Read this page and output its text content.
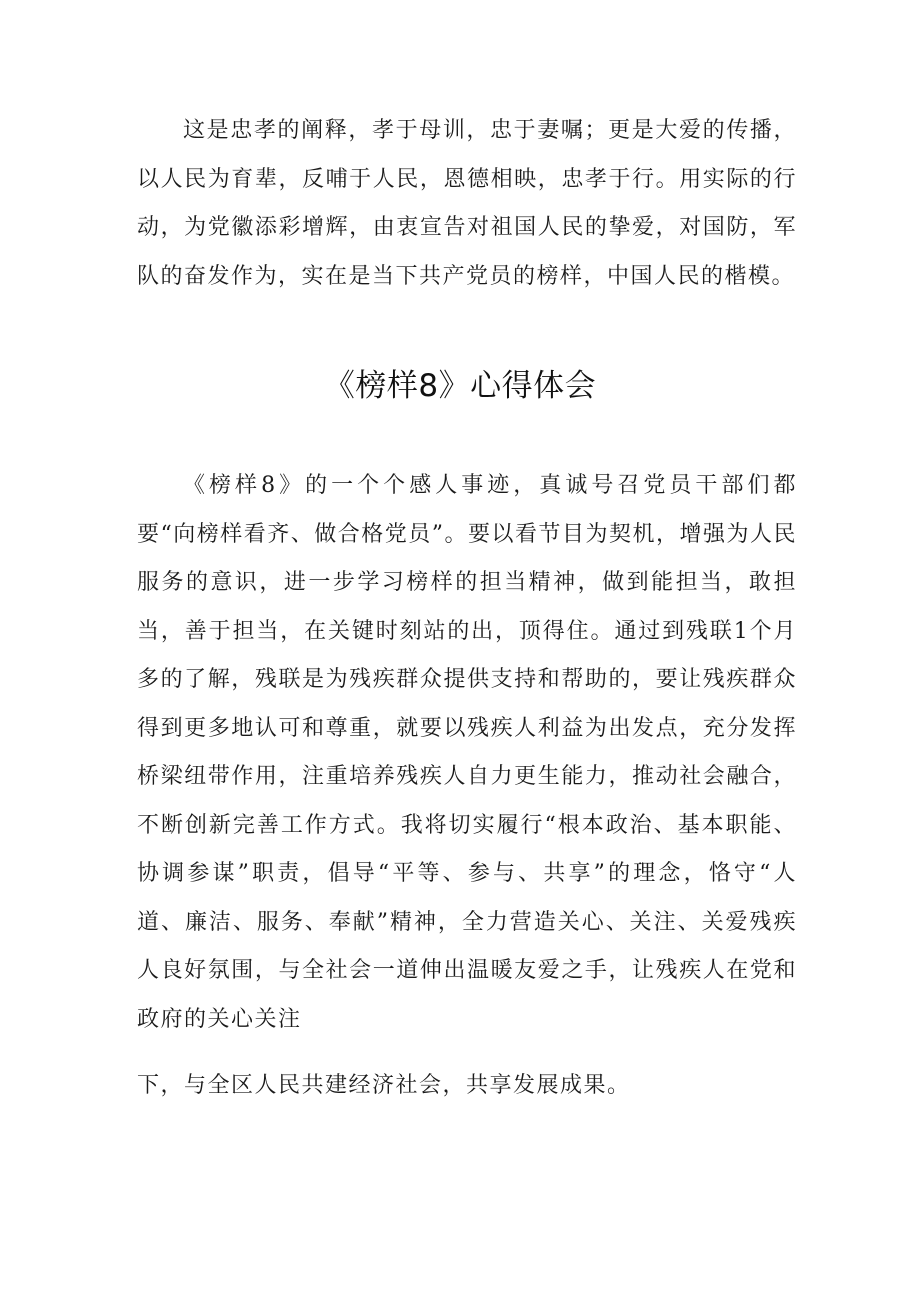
这是忠孝的阐释，孝于母训，忠于妻嘱；更是大爱的传播，以人民为育辈，反哺于人民，恩德相映，忠孝于行。用实际的行动，为党徽添彩增辉，由衷宣告对祖国人民的挚爱，对国防，军队的奋发作为，实在是当下共产党员的榜样，中国人民的楷模。

《榜样8》心得体会

《榜样8》的一个个感人事迹，真诚号召党员干部们都要“向榜样看齐、做合格党员”。要以看节目为契机，增强为人民服务的意识，进一步学习榜样的担当精神，做到能担当，敢担当，善于担当，在关键时刻站的出，顶得住。通过到残联1个月多的了解，残联是为残疾群众提供支持和帮助的，要让残疾群众得到更多地认可和尊重，就要以残疾人利益为出发点，充分发挥桥梁纽带作用，注重培养残疾人自力更生能力，推动社会融合，不断创新完善工作方式。我将切实履行“根本政治、基本职能、协调参谋”职责，倡导“平等、参与、共享”的理念，恪守“人道、廉洁、服务、奉献”精神，全力营造关心、关注、关爱残疾人良好氛围，与全社会一道伸出温暖友爱之手，让残疾人在党和政府的关心关注

下，与全区人民共建经济社会，共享发展成果。
